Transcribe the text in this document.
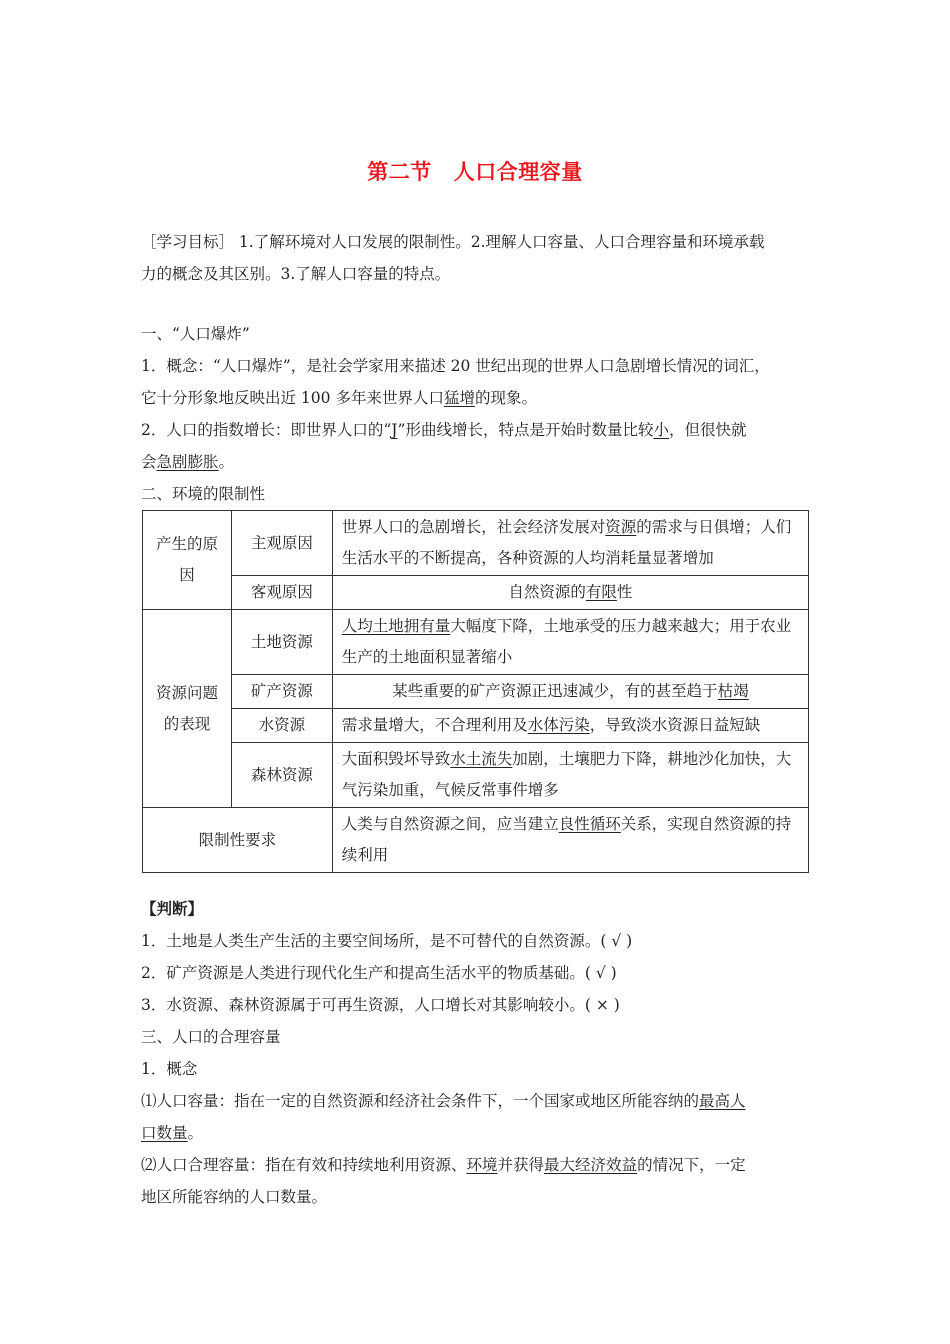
第二节 人口合理容量
［学习目标］ 1.了解环境对人口发展的限制性。2.理解人口容量、人口合理容量和环境承载
力的概念及其区别。3.了解人口容量的特点。
一、“人口爆炸”
1．概念：“人口爆炸”，是社会学家用来描述 20 世纪出现的世界人口急剧增长情况的词汇，
它十分形象地反映出近 100 多年来世界人口猛增的现象。
2．人口的指数增长：即世界人口的“J”形曲线增长，特点是开始时数量比较小，但很快就
会急剧膨胀。
二、环境的限制性
产生的原因	主观原因	世界人口的急剧增长，社会经济发展对资源的需求与日俱增；人们生活水平的不断提高，各种资源的人均消耗量显著增加
	客观原因	自然资源的有限性
资源问题的表现	土地资源	人均土地拥有量大幅度下降，土地承受的压力越来越大；用于农业生产的土地面积显著缩小
	矿产资源	某些重要的矿产资源正迅速减少，有的甚至趋于枯竭
	水资源	需求量增大，不合理利用及水体污染，导致淡水资源日益短缺
	森林资源	大面积毁坏导致水土流失加剧，土壤肥力下降，耕地沙化加快，大气污染加重，气候反常事件增多
限制性要求		人类与自然资源之间，应当建立良性循环关系，实现自然资源的持续利用
【判断】
1．土地是人类生产生活的主要空间场所，是不可替代的自然资源。( √ )
2．矿产资源是人类进行现代化生产和提高生活水平的物质基础。( √ )
3．水资源、森林资源属于可再生资源，人口增长对其影响较小。( × )
三、人口的合理容量
1．概念
⑴人口容量：指在一定的自然资源和经济社会条件下，一个国家或地区所能容纳的最高人
口数量。
⑵人口合理容量：指在有效和持续地利用资源、环境并获得最大经济效益的情况下，一定
地区所能容纳的人口数量。
